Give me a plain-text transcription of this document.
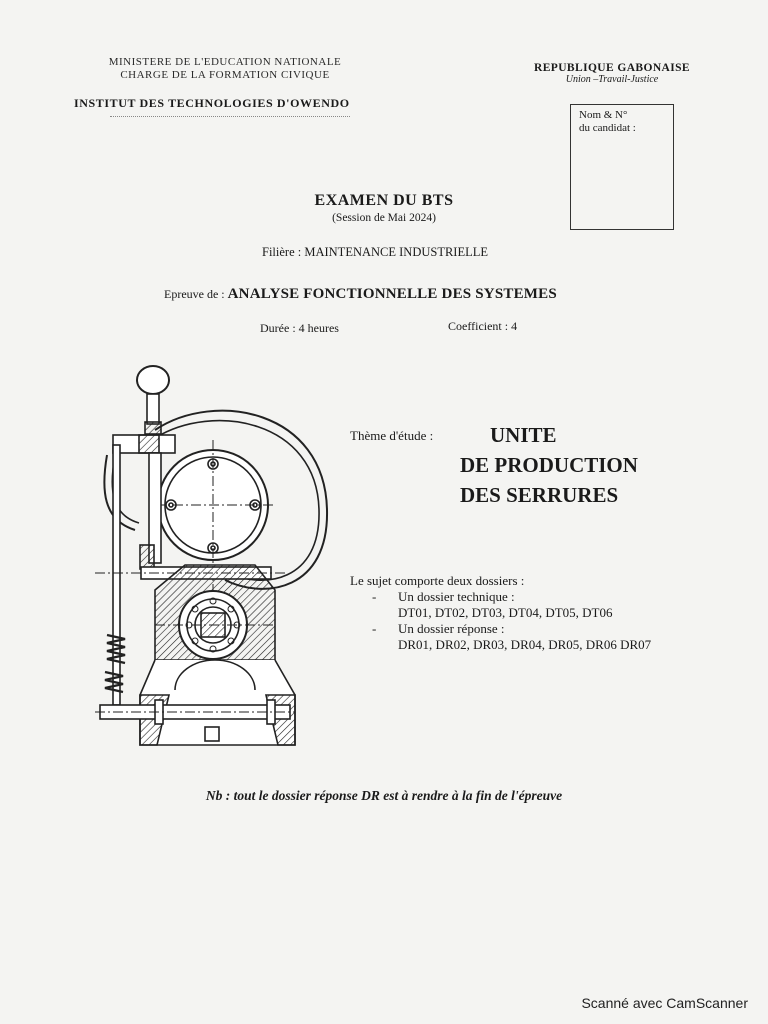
MINISTERE DE L'EDUCATION NATIONALE
CHARGE DE LA FORMATION CIVIQUE
INSTITUT DES TECHNOLOGIES D'OWENDO
REPUBLIQUE GABONAISE
Union –Travail-Justice
Nom & N°
du candidat :
EXAMEN DU BTS
(Session de Mai 2024)
Filière : MAINTENANCE INDUSTRIELLE
Epreuve de : ANALYSE FONCTIONNELLE DES SYSTEMES
Durée : 4 heures	Coefficient : 4
Thème d'étude :	UNITE
DE PRODUCTION
DES SERRURES
Le sujet comporte deux dossiers :
- Un dossier technique :
DT01, DT02, DT03, DT04, DT05, DT06
- Un dossier réponse :
DR01, DR02, DR03, DR04, DR05, DR06 DR07
Nb : tout le dossier réponse DR est à rendre à la fin de l'épreuve
Scanné avec CamScanner
